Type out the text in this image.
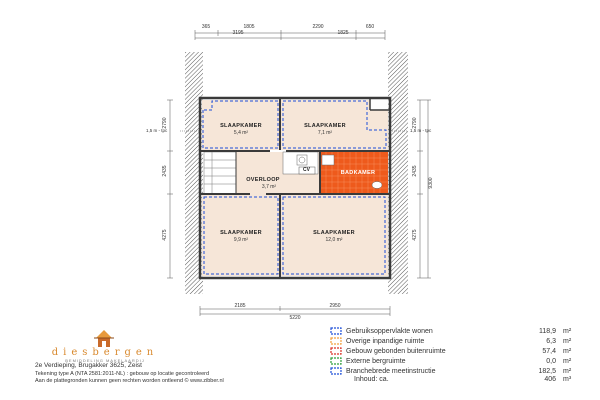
365	1805	2290	650
3195	1825
2790
2435
4275
2790
2435
4275
9300
1,5 m - tpc	1,5 m - tpc
SLAAPKAMER
5,4 m²
SLAAPKAMER
7,1 m²
OVERLOOP
3,7 m²
BADKAMER
SLAAPKAMER
9,9 m²
SLAAPKAMER
12,0 m²
CV
2185	2950
5220
diesbergen
BEMIDDELING MAKELAARDIJ
2e Verdieping, Brugakker 3625, Zeist
Tekening type A (NTA 2581:2011-NL) : gebouw op locatie gecontroleerd
Aan de plattegronden kunnen geen rechten worden ontleend © www.zibber.nl
Gebruiksoppervlakte wonen	118,9 m²
Overige inpandige ruimte	6,3 m²
Gebouw gebonden buitenruimte	57,4 m²
Externe bergruimte	0,0 m²
Branchebrede meetinstructie	182,5 m²
Inhoud: ca.	406 m³
